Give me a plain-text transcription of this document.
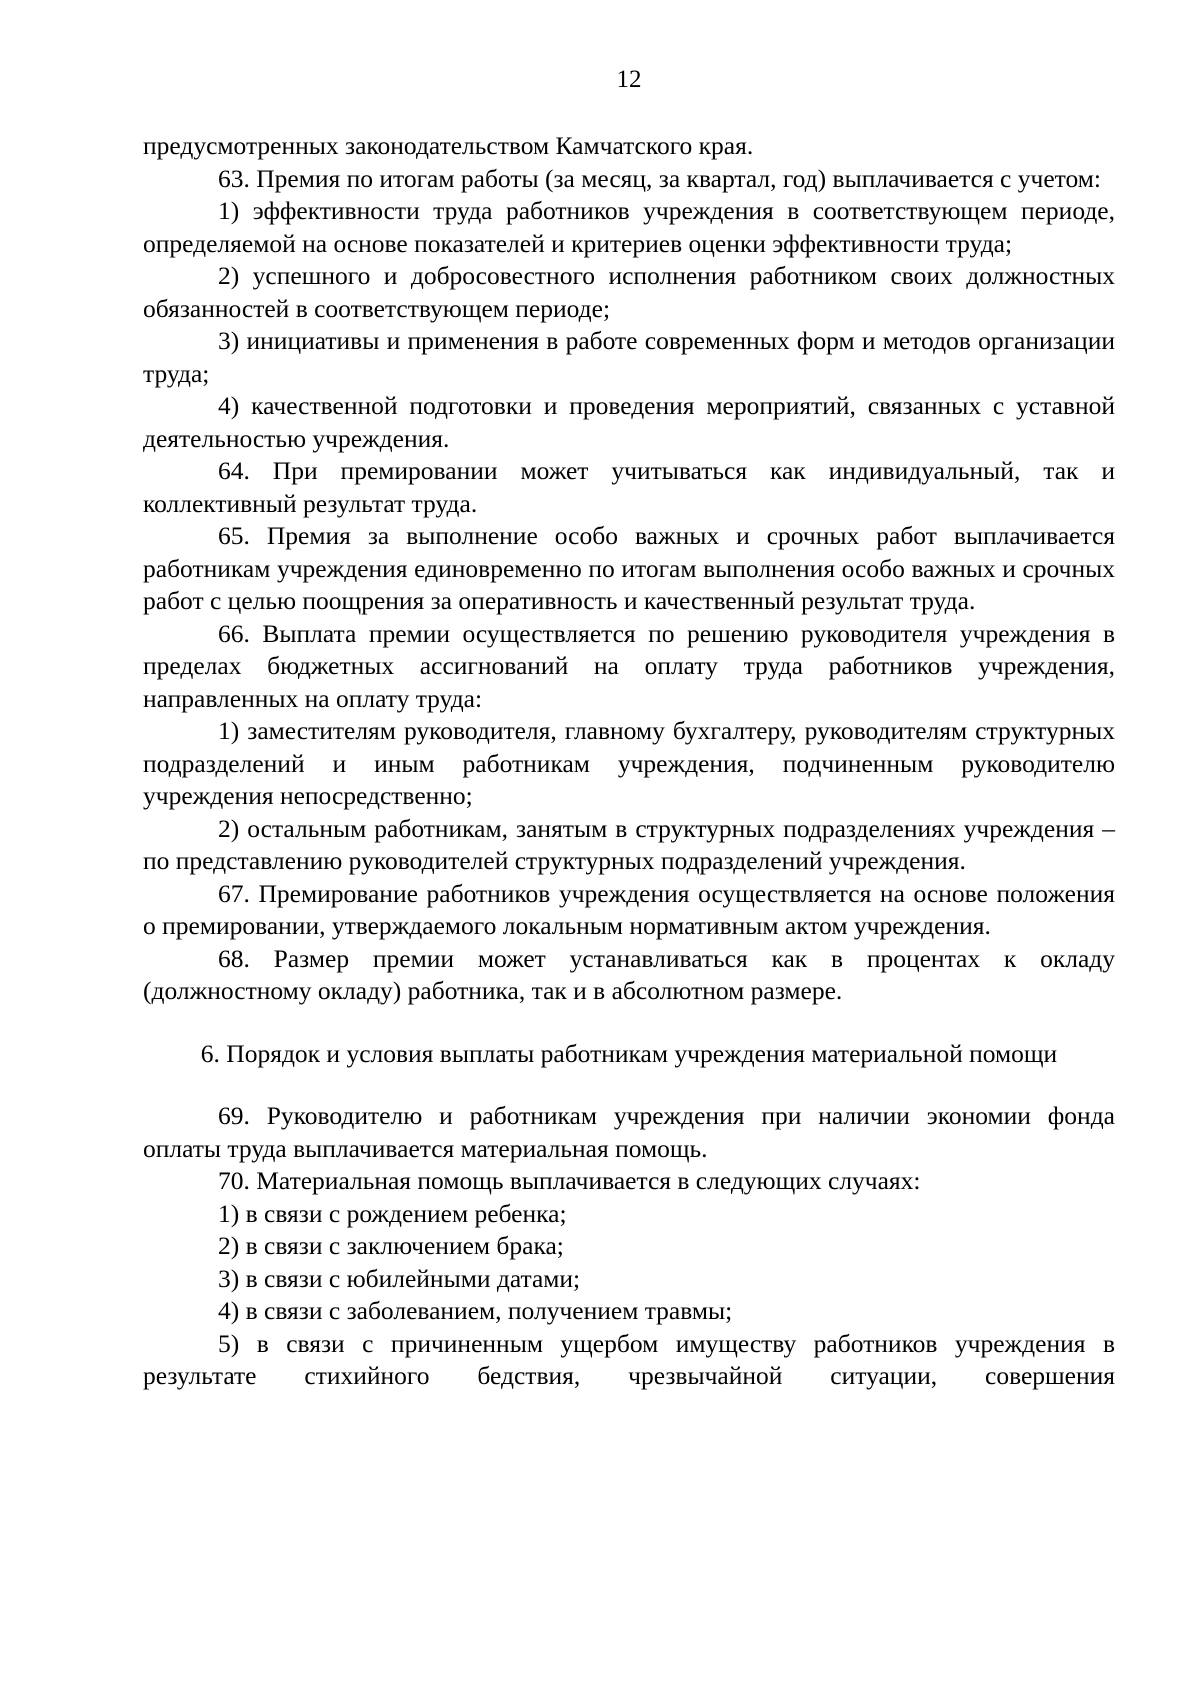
12

предусмотренных законодательством Камчатского края.

63. Премия по итогам работы (за месяц, за квартал, год) выплачивается с учетом:

1) эффективности труда работников учреждения в соответствующем периоде, определяемой на основе показателей и критериев оценки эффективности труда;

2) успешного и добросовестного исполнения работником своих должностных обязанностей в соответствующем периоде;

3) инициативы и применения в работе современных форм и методов организации труда;

4) качественной подготовки и проведения мероприятий, связанных с уставной деятельностью учреждения.

64. При премировании может учитываться как индивидуальный, так и коллективный результат труда.

65. Премия за выполнение особо важных и срочных работ выплачивается работникам учреждения единовременно по итогам выполнения особо важных и срочных работ с целью поощрения за оперативность и качественный результат труда.

66. Выплата премии осуществляется по решению руководителя учреждения в пределах бюджетных ассигнований на оплату труда работников учреждения, направленных на оплату труда:

1) заместителям руководителя, главному бухгалтеру, руководителям структурных подразделений и иным работникам учреждения, подчиненным руководителю учреждения непосредственно;

2) остальным работникам, занятым в структурных подразделениях учреждения – по представлению руководителей структурных подразделений учреждения.

67. Премирование работников учреждения осуществляется на основе положения о премировании, утверждаемого локальным нормативным актом учреждения.

68. Размер премии может устанавливаться как в процентах к окладу (должностному окладу) работника, так и в абсолютном размере.

6. Порядок и условия выплаты работникам учреждения материальной помощи

69. Руководителю и работникам учреждения при наличии экономии фонда оплаты труда выплачивается материальная помощь.

70. Материальная помощь выплачивается в следующих случаях:

1) в связи с рождением ребенка;

2) в связи с заключением брака;

3) в связи с юбилейными датами;

4) в связи с заболеванием, получением травмы;

5) в связи с причиненным ущербом имуществу работников учреждения в результате стихийного бедствия, чрезвычайной ситуации, совершения
